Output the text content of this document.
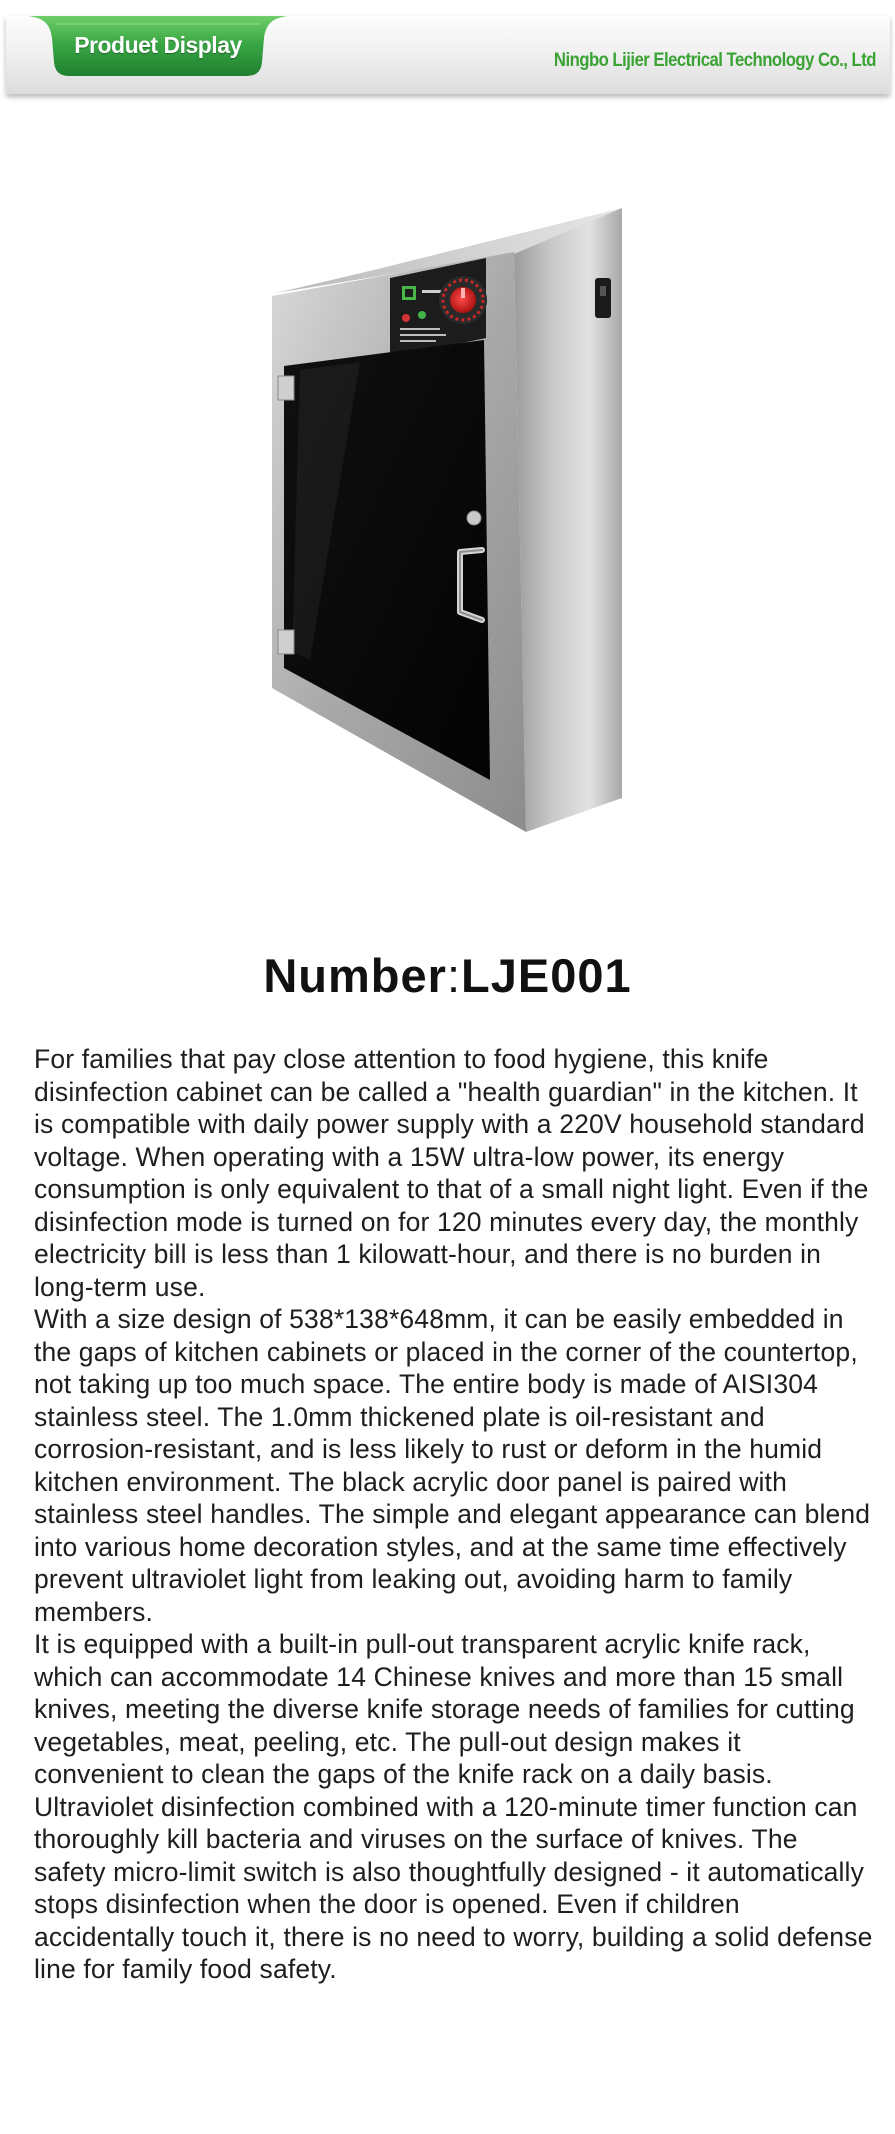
Produet Display
Ningbo Lijier Electrical Technology Co., Ltd
Number:LJE001

For families that pay close attention to food hygiene, this knife disinfection cabinet can be called a "health guardian" in the kitchen. It is compatible with daily power supply with a 220V household standard voltage. When operating with a 15W ultra-low power, its energy consumption is only equivalent to that of a small night light. Even if the disinfection mode is turned on for 120 minutes every day, the monthly electricity bill is less than 1 kilowatt-hour, and there is no burden in long-term use.

With a size design of 538*138*648mm, it can be easily embedded in the gaps of kitchen cabinets or placed in the corner of the countertop, not taking up too much space. The entire body is made of AISI304 stainless steel. The 1.0mm thickened plate is oil-resistant and corrosion-resistant, and is less likely to rust or deform in the humid kitchen environment. The black acrylic door panel is paired with stainless steel handles. The simple and elegant appearance can blend into various home decoration styles, and at the same time effectively prevent ultraviolet light from leaking out, avoiding harm to family members.

It is equipped with a built-in pull-out transparent acrylic knife rack, which can accommodate 14 Chinese knives and more than 15 small knives, meeting the diverse knife storage needs of families for cutting vegetables, meat, peeling, etc. The pull-out design makes it convenient to clean the gaps of the knife rack on a daily basis. Ultraviolet disinfection combined with a 120-minute timer function can thoroughly kill bacteria and viruses on the surface of knives. The safety micro-limit switch is also thoughtfully designed - it automatically stops disinfection when the door is opened. Even if children accidentally touch it, there is no need to worry, building a solid defense line for family food safety.
